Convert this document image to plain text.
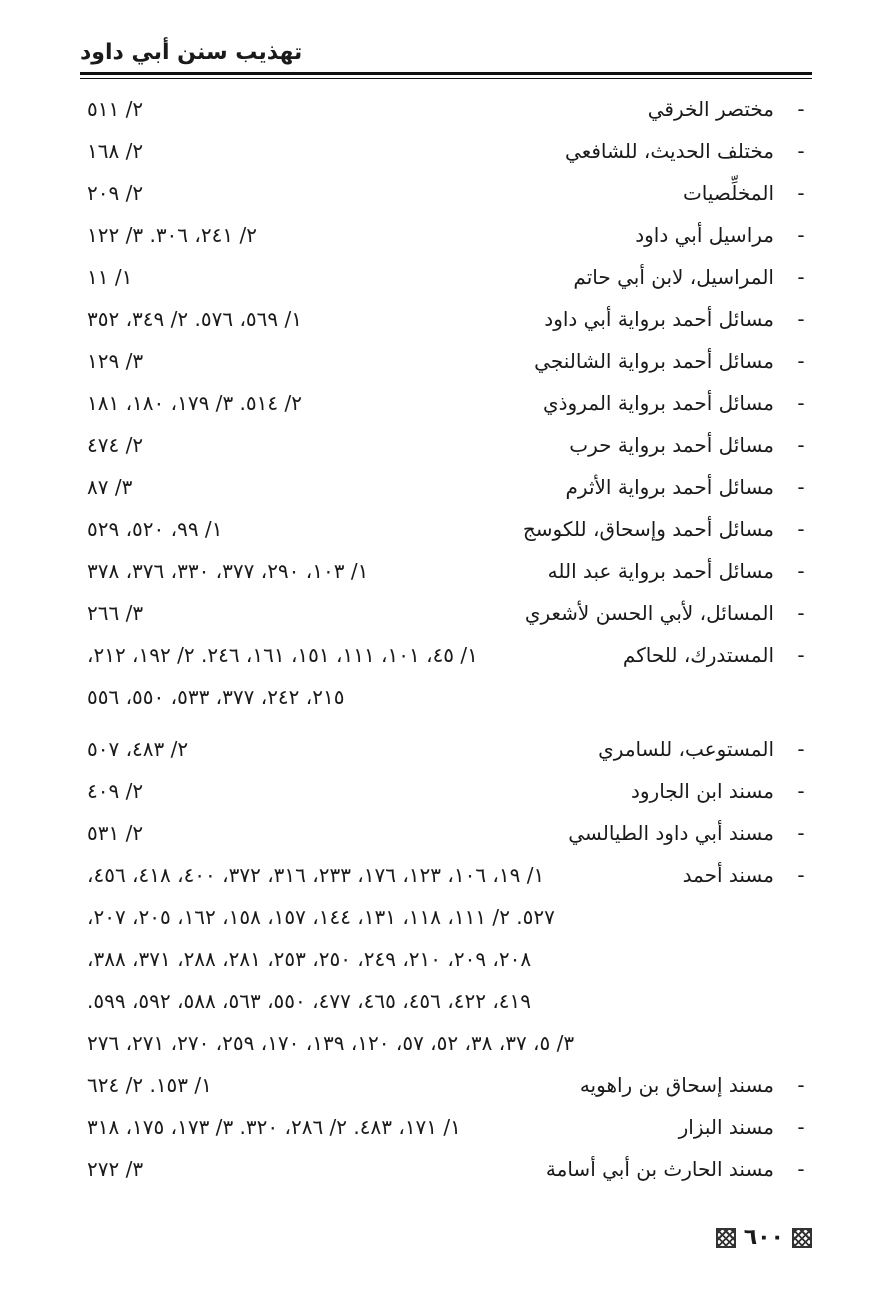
تهذيب سنن أبي داود
-
مختصر الخرقي
٢/ ٥١١
-
مختلف الحديث، للشافعي
٢/ ١٦٨
-
المخلِّصيات
٢/ ٢٠٩
-
مراسيل أبي داود
٢/ ٢٤١، ٣٠٦. ٣/ ١٢٢
-
المراسيل، لابن أبي حاتم
١/ ١١
-
مسائل أحمد برواية أبي داود
١/ ٥٦٩، ٥٧٦. ٢/ ٣٤٩، ٣٥٢
-
مسائل أحمد برواية الشالنجي
٣/ ١٢٩
-
مسائل أحمد برواية المروذي
٢/ ٥١٤. ٣/ ١٧٩، ١٨٠، ١٨١
-
مسائل أحمد برواية حرب
٢/ ٤٧٤
-
مسائل أحمد برواية الأثرم
٣/ ٨٧
-
مسائل أحمد وإسحاق، للكوسج
١/ ٩٩، ٥٢٠، ٥٢٩
-
مسائل أحمد برواية عبد الله
١/ ١٠٣، ٢٩٠، ٣٧٧، ٣٣٠، ٣٧٦، ٣٧٨
-
المسائل، لأبي الحسن لأشعري
٣/ ٢٦٦
-
المستدرك، للحاكم
١/ ٤٥، ١٠١، ١١١، ١٥١، ١٦١، ٢٤٦. ٢/ ١٩٢، ٢١٢،
٢١٥، ٢٤٢، ٣٧٧، ٥٣٣، ٥٥٠، ٥٥٦
-
المستوعب، للسامري
٢/ ٤٨٣، ٥٠٧
-
مسند ابن الجارود
٢/ ٤٠٩
-
مسند أبي داود الطيالسي
٢/ ٥٣١
-
مسند أحمد
١/ ١٩، ١٠٦، ١٢٣، ١٧٦، ٢٣٣، ٣١٦، ٣٧٢، ٤٠٠، ٤١٨، ٤٥٦،
٥٢٧. ٢/ ١١١، ١١٨، ١٣١، ١٤٤، ١٥٧، ١٥٨، ١٦٢، ٢٠٥، ٢٠٧،
٢٠٨، ٢٠٩، ٢١٠، ٢٤٩، ٢٥٠، ٢٥٣، ٢٨١، ٢٨٨، ٣٧١، ٣٨٨،
٤١٩، ٤٢٢، ٤٥٦، ٤٦٥، ٤٧٧، ٥٥٠، ٥٦٣، ٥٨٨، ٥٩٢، ٥٩٩.
٣/ ٥، ٣٧، ٣٨، ٥٢، ٥٧، ١٢٠، ١٣٩، ١٧٠، ٢٥٩، ٢٧٠، ٢٧١، ٢٧٦
-
مسند إسحاق بن راهويه
١/ ١٥٣. ٢/ ٦٢٤
-
مسند البزار
١/ ١٧١، ٤٨٣. ٢/ ٢٨٦، ٣٢٠. ٣/ ١٧٣، ١٧٥، ٣١٨
-
مسند الحارث بن أبي أسامة
٣/ ٢٧٢
٦٠٠
